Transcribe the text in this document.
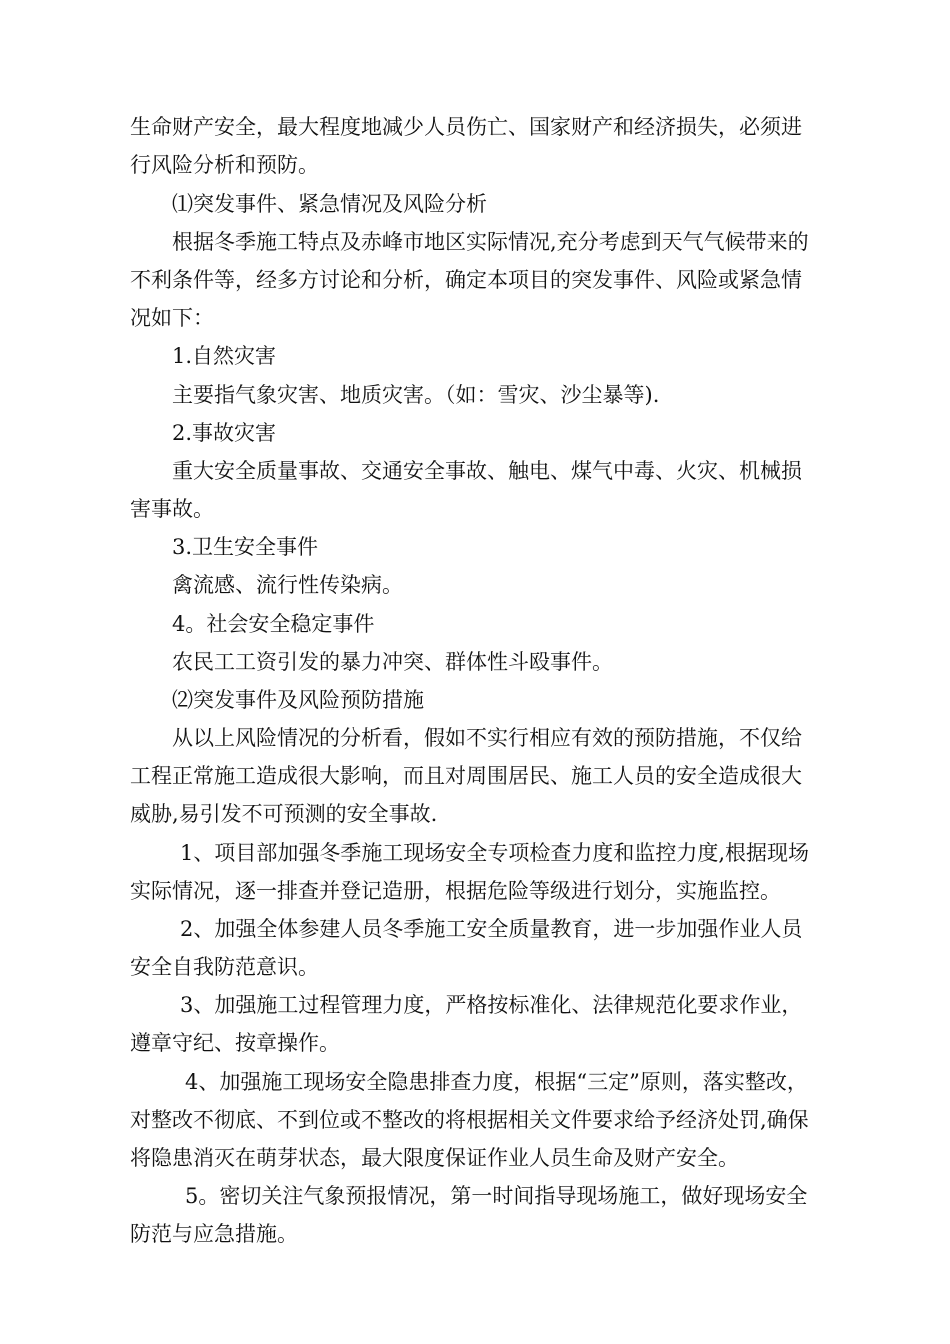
生命财产安全，最大程度地减少人员伤亡、国家财产和经济损失，必须进
行风险分析和预防。
⑴突发事件、紧急情况及风险分析
根据冬季施工特点及赤峰市地区实际情况,充分考虑到天气气候带来的
不利条件等，经多方讨论和分析，确定本项目的突发事件、风险或紧急情
况如下：
1.自然灾害
主要指气象灾害、地质灾害。（如：雪灾、沙尘暴等).
2.事故灾害
重大安全质量事故、交通安全事故、触电、煤气中毒、火灾、机械损
害事故。
3.卫生安全事件
禽流感、流行性传染病。
4。社会安全稳定事件
农民工工资引发的暴力冲突、群体性斗殴事件。
⑵突发事件及风险预防措施
从以上风险情况的分析看，假如不实行相应有效的预防措施，不仅给
工程正常施工造成很大影响，而且对周围居民、施工人员的安全造成很大
威胁,易引发不可预测的安全事故.
1、项目部加强冬季施工现场安全专项检查力度和监控力度,根据现场
实际情况，逐一排查并登记造册，根据危险等级进行划分，实施监控。
2、加强全体参建人员冬季施工安全质量教育，进一步加强作业人员
安全自我防范意识。
3、加强施工过程管理力度，严格按标准化、法律规范化要求作业，
遵章守纪、按章操作。
4、加强施工现场安全隐患排查力度，根据“三定”原则，落实整改，
对整改不彻底、不到位或不整改的将根据相关文件要求给予经济处罚,确保
将隐患消灭在萌芽状态，最大限度保证作业人员生命及财产安全。
5。密切关注气象预报情况，第一时间指导现场施工，做好现场安全
防范与应急措施。
